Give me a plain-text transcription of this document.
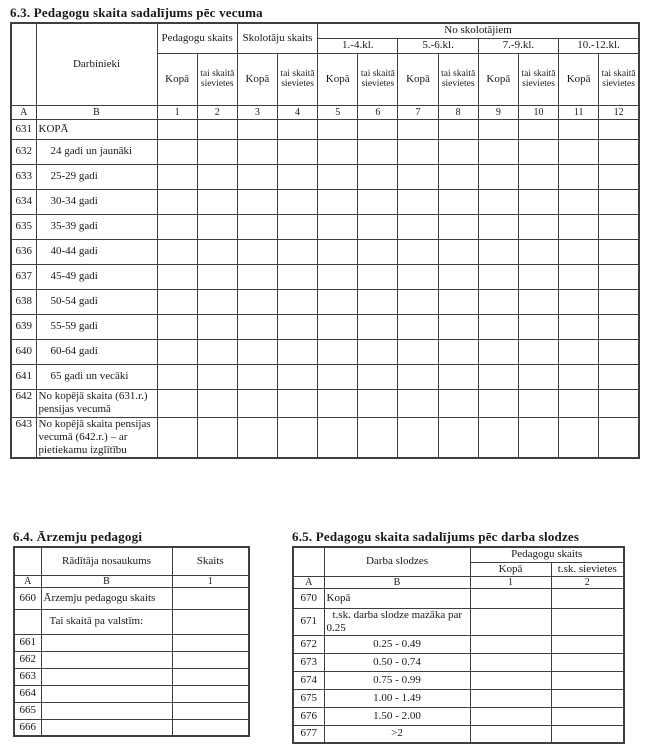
6.3. Pedagogu skaita sadalījums pēc vecuma
	Darbinieki	Pedagogu skaits		Skolotāju skaits		No skolotājiem							
						1.-4.kl.		5.-6.kl.		7.-9.kl.		10.-12.kl.	
		Kopā	tai skaitā sievietes	Kopā	tai skaitā sievietes	Kopā	tai skaitā sievietes	Kopā	tai skaitā sievietes	Kopā	tai skaitā sievietes	Kopā	tai skaitā sievietes
A	B	1	2	3	4	5	6	7	8	9	10	11	12
631	KOPĀ												
632	24 gadi un jaunāki												
633	25-29 gadi												
634	30-34 gadi												
635	35-39 gadi												
636	40-44 gadi												
637	45-49 gadi												
638	50-54 gadi												
639	55-59 gadi												
640	60-64 gadi												
641	65 gadi un vecāki												
642	No kopējā skaita (631.r.) pensijas vecumā												
643	No kopējā skaita pensijas vecumā (642.r.) – ar pietiekamu izglītību												
6.4. Ārzemju pedagogi
	Rādītāja nosaukums	Skaits
A	B	1
660	Ārzemju pedagogu skaits	
	Tai skaitā pa valstīm:	
661		
662		
663		
664		
665		
666		
6.5. Pedagogu skaita sadalījums pēc darba slodzes
	Darba slodzes	Pedagogu skaits	
		Kopā	t.sk. sievietes
A	B	1	2
670	Kopā		
671	t.sk. darba slodze mazāka par 0.25		
672	0.25 - 0.49		
673	0.50 - 0.74		
674	0.75 - 0.99		
675	1.00 - 1.49		
676	1.50 - 2.00		
677	>2		
